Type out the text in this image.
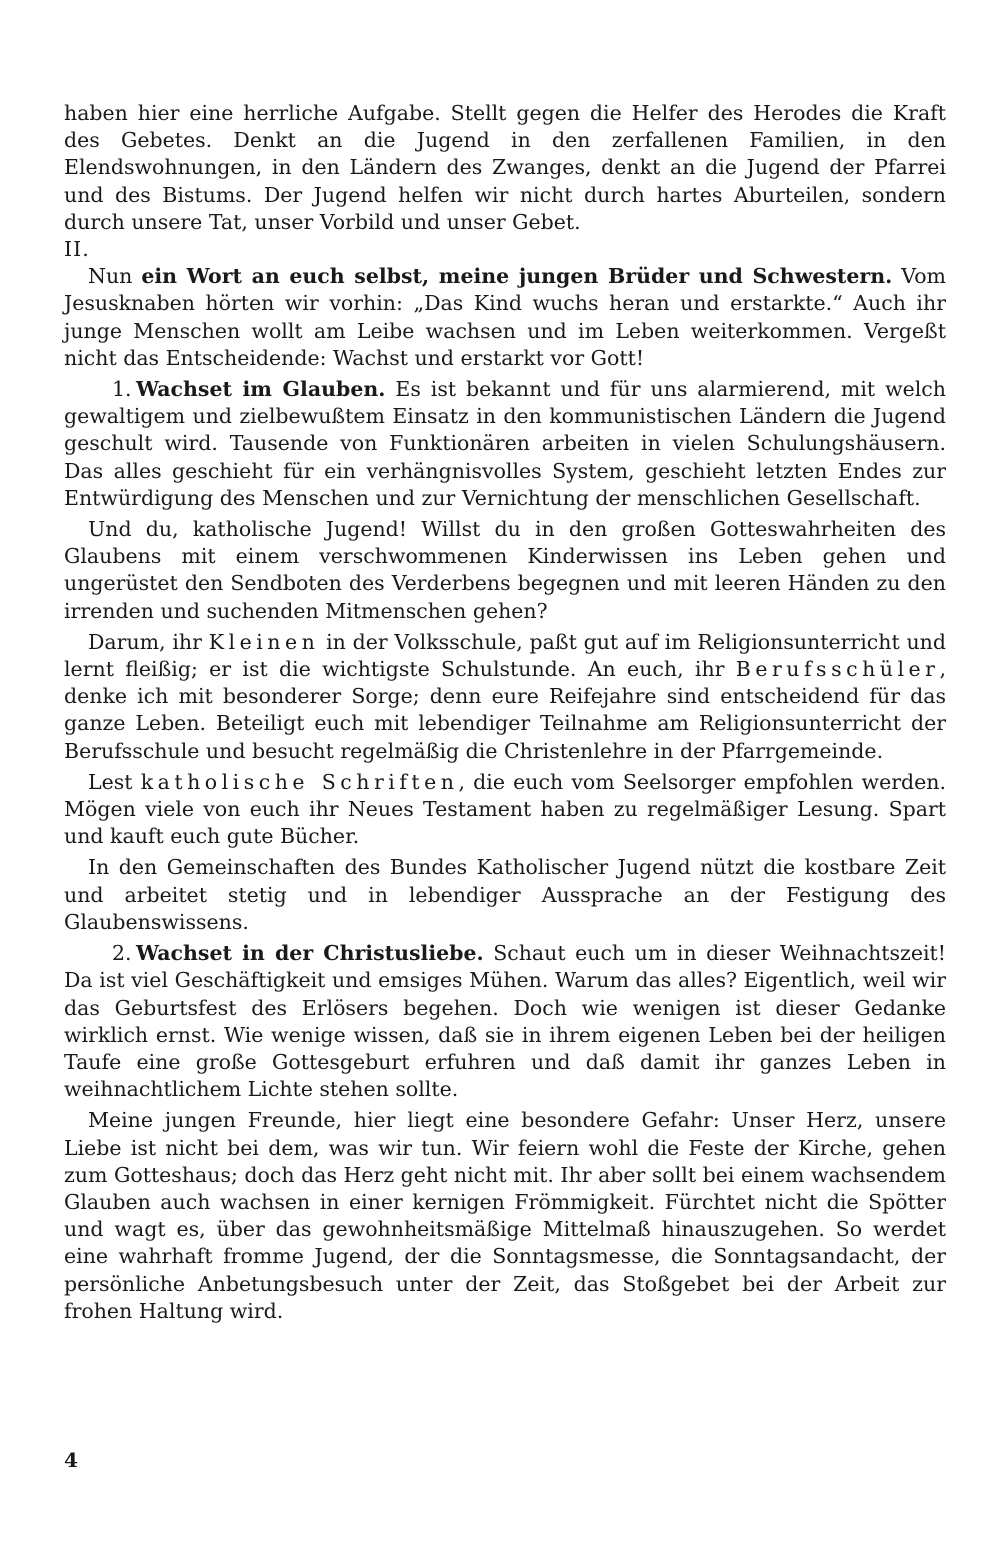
haben hier eine herrliche Aufgabe. Stellt gegen die Helfer des Herodes die Kraft des Gebetes. Denkt an die Jugend in den zerfallenen Familien, in den Elendswohnungen, in den Ländern des Zwanges, denkt an die Jugend der Pfarrei und des Bistums. Der Jugend helfen wir nicht durch hartes Aburteilen, sondern durch unsere Tat, unser Vorbild und unser Gebet.

II.

Nun ein Wort an euch selbst, meine jungen Brüder und Schwestern. Vom Jesusknaben hörten wir vorhin: „Das Kind wuchs heran und erstarkte.“ Auch ihr junge Menschen wollt am Leibe wachsen und im Leben weiterkommen. Vergeßt nicht das Entscheidende: Wachst und erstarkt vor Gott!

1. Wachset im Glauben. Es ist bekannt und für uns alarmierend, mit welch gewaltigem und zielbewußtem Einsatz in den kommunistischen Ländern die Jugend geschult wird. Tausende von Funktionären arbeiten in vielen Schulungshäusern. Das alles geschieht für ein verhängnisvolles System, geschieht letzten Endes zur Entwürdigung des Menschen und zur Vernichtung der menschlichen Gesellschaft.

Und du, katholische Jugend! Willst du in den großen Gotteswahrheiten des Glaubens mit einem verschwommenen Kinderwissen ins Leben gehen und ungerüstet den Sendboten des Verderbens begegnen und mit leeren Händen zu den irrenden und suchenden Mitmenschen gehen?

Darum, ihr Kleinen in der Volksschule, paßt gut auf im Religionsunterricht und lernt fleißig; er ist die wichtigste Schulstunde. An euch, ihr Berufsschüler, denke ich mit besonderer Sorge; denn eure Reifejahre sind entscheidend für das ganze Leben. Beteiligt euch mit lebendiger Teilnahme am Religionsunterricht der Berufsschule und besucht regelmäßig die Christenlehre in der Pfarrgemeinde.

Lest katholische Schriften, die euch vom Seelsorger empfohlen werden. Mögen viele von euch ihr Neues Testament haben zu regelmäßiger Lesung. Spart und kauft euch gute Bücher.

In den Gemeinschaften des Bundes Katholischer Jugend nützt die kostbare Zeit und arbeitet stetig und in lebendiger Aussprache an der Festigung des Glaubenswissens.

2. Wachset in der Christusliebe. Schaut euch um in dieser Weihnachtszeit! Da ist viel Geschäftigkeit und emsiges Mühen. Warum das alles? Eigentlich, weil wir das Geburtsfest des Erlösers begehen. Doch wie wenigen ist dieser Gedanke wirklich ernst. Wie wenige wissen, daß sie in ihrem eigenen Leben bei der heiligen Taufe eine große Gottesgeburt erfuhren und daß damit ihr ganzes Leben in weihnachtlichem Lichte stehen sollte.

Meine jungen Freunde, hier liegt eine besondere Gefahr: Unser Herz, unsere Liebe ist nicht bei dem, was wir tun. Wir feiern wohl die Feste der Kirche, gehen zum Gotteshaus; doch das Herz geht nicht mit. Ihr aber sollt bei einem wachsendem Glauben auch wachsen in einer kernigen Frömmigkeit. Fürchtet nicht die Spötter und wagt es, über das gewohnheitsmäßige Mittelmaß hinauszugehen. So werdet eine wahrhaft fromme Jugend, der die Sonntagsmesse, die Sonntagsandacht, der persönliche Anbetungsbesuch unter der Zeit, das Stoßgebet bei der Arbeit zur frohen Haltung wird.

4
